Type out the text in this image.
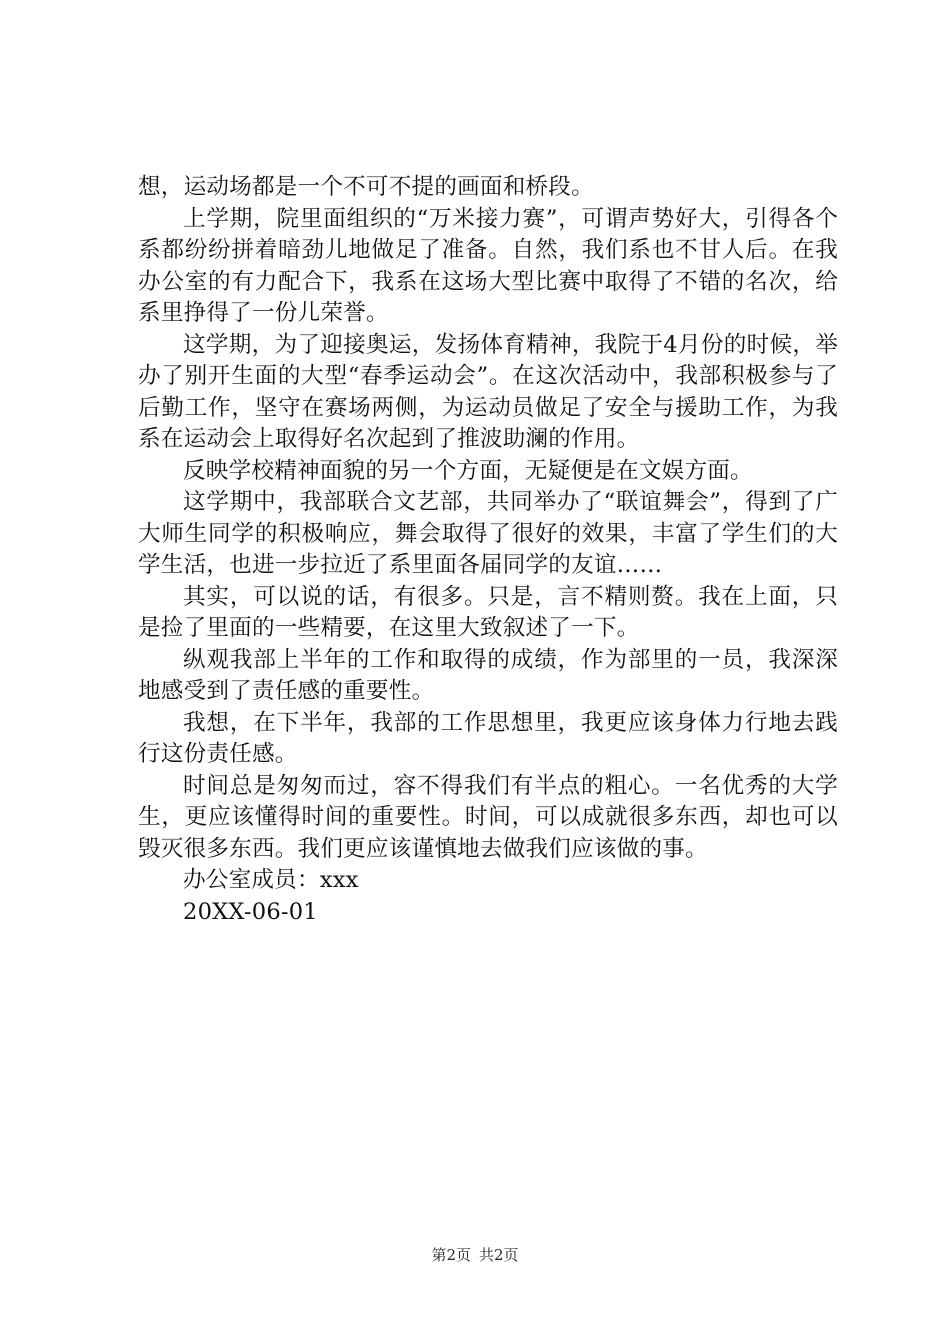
想，运动场都是一个不可不提的画面和桥段。

上学期，院里面组织的“万米接力赛”，可谓声势好大，引得各个系都纷纷拼着暗劲儿地做足了准备。自然，我们系也不甘人后。在我办公室的有力配合下，我系在这场大型比赛中取得了不错的名次，给系里挣得了一份儿荣誉。

这学期，为了迎接奥运，发扬体育精神，我院于4月份的时候，举办了别开生面的大型“春季运动会”。在这次活动中，我部积极参与了后勤工作，坚守在赛场两侧，为运动员做足了安全与援助工作，为我系在运动会上取得好名次起到了推波助澜的作用。

反映学校精神面貌的另一个方面，无疑便是在文娱方面。

这学期中，我部联合文艺部，共同举办了“联谊舞会”，得到了广大师生同学的积极响应，舞会取得了很好的效果，丰富了学生们的大学生活，也进一步拉近了系里面各届同学的友谊……

其实，可以说的话，有很多。只是，言不精则赘。我在上面，只是捡了里面的一些精要，在这里大致叙述了一下。

纵观我部上半年的工作和取得的成绩，作为部里的一员，我深深地感受到了责任感的重要性。

我想，在下半年，我部的工作思想里，我更应该身体力行地去践行这份责任感。

时间总是匆匆而过，容不得我们有半点的粗心。一名优秀的大学生，更应该懂得时间的重要性。时间，可以成就很多东西，却也可以毁灭很多东西。我们更应该谨慎地去做我们应该做的事。

办公室成员：xxx

20XX-06-01

第2页 共2页
